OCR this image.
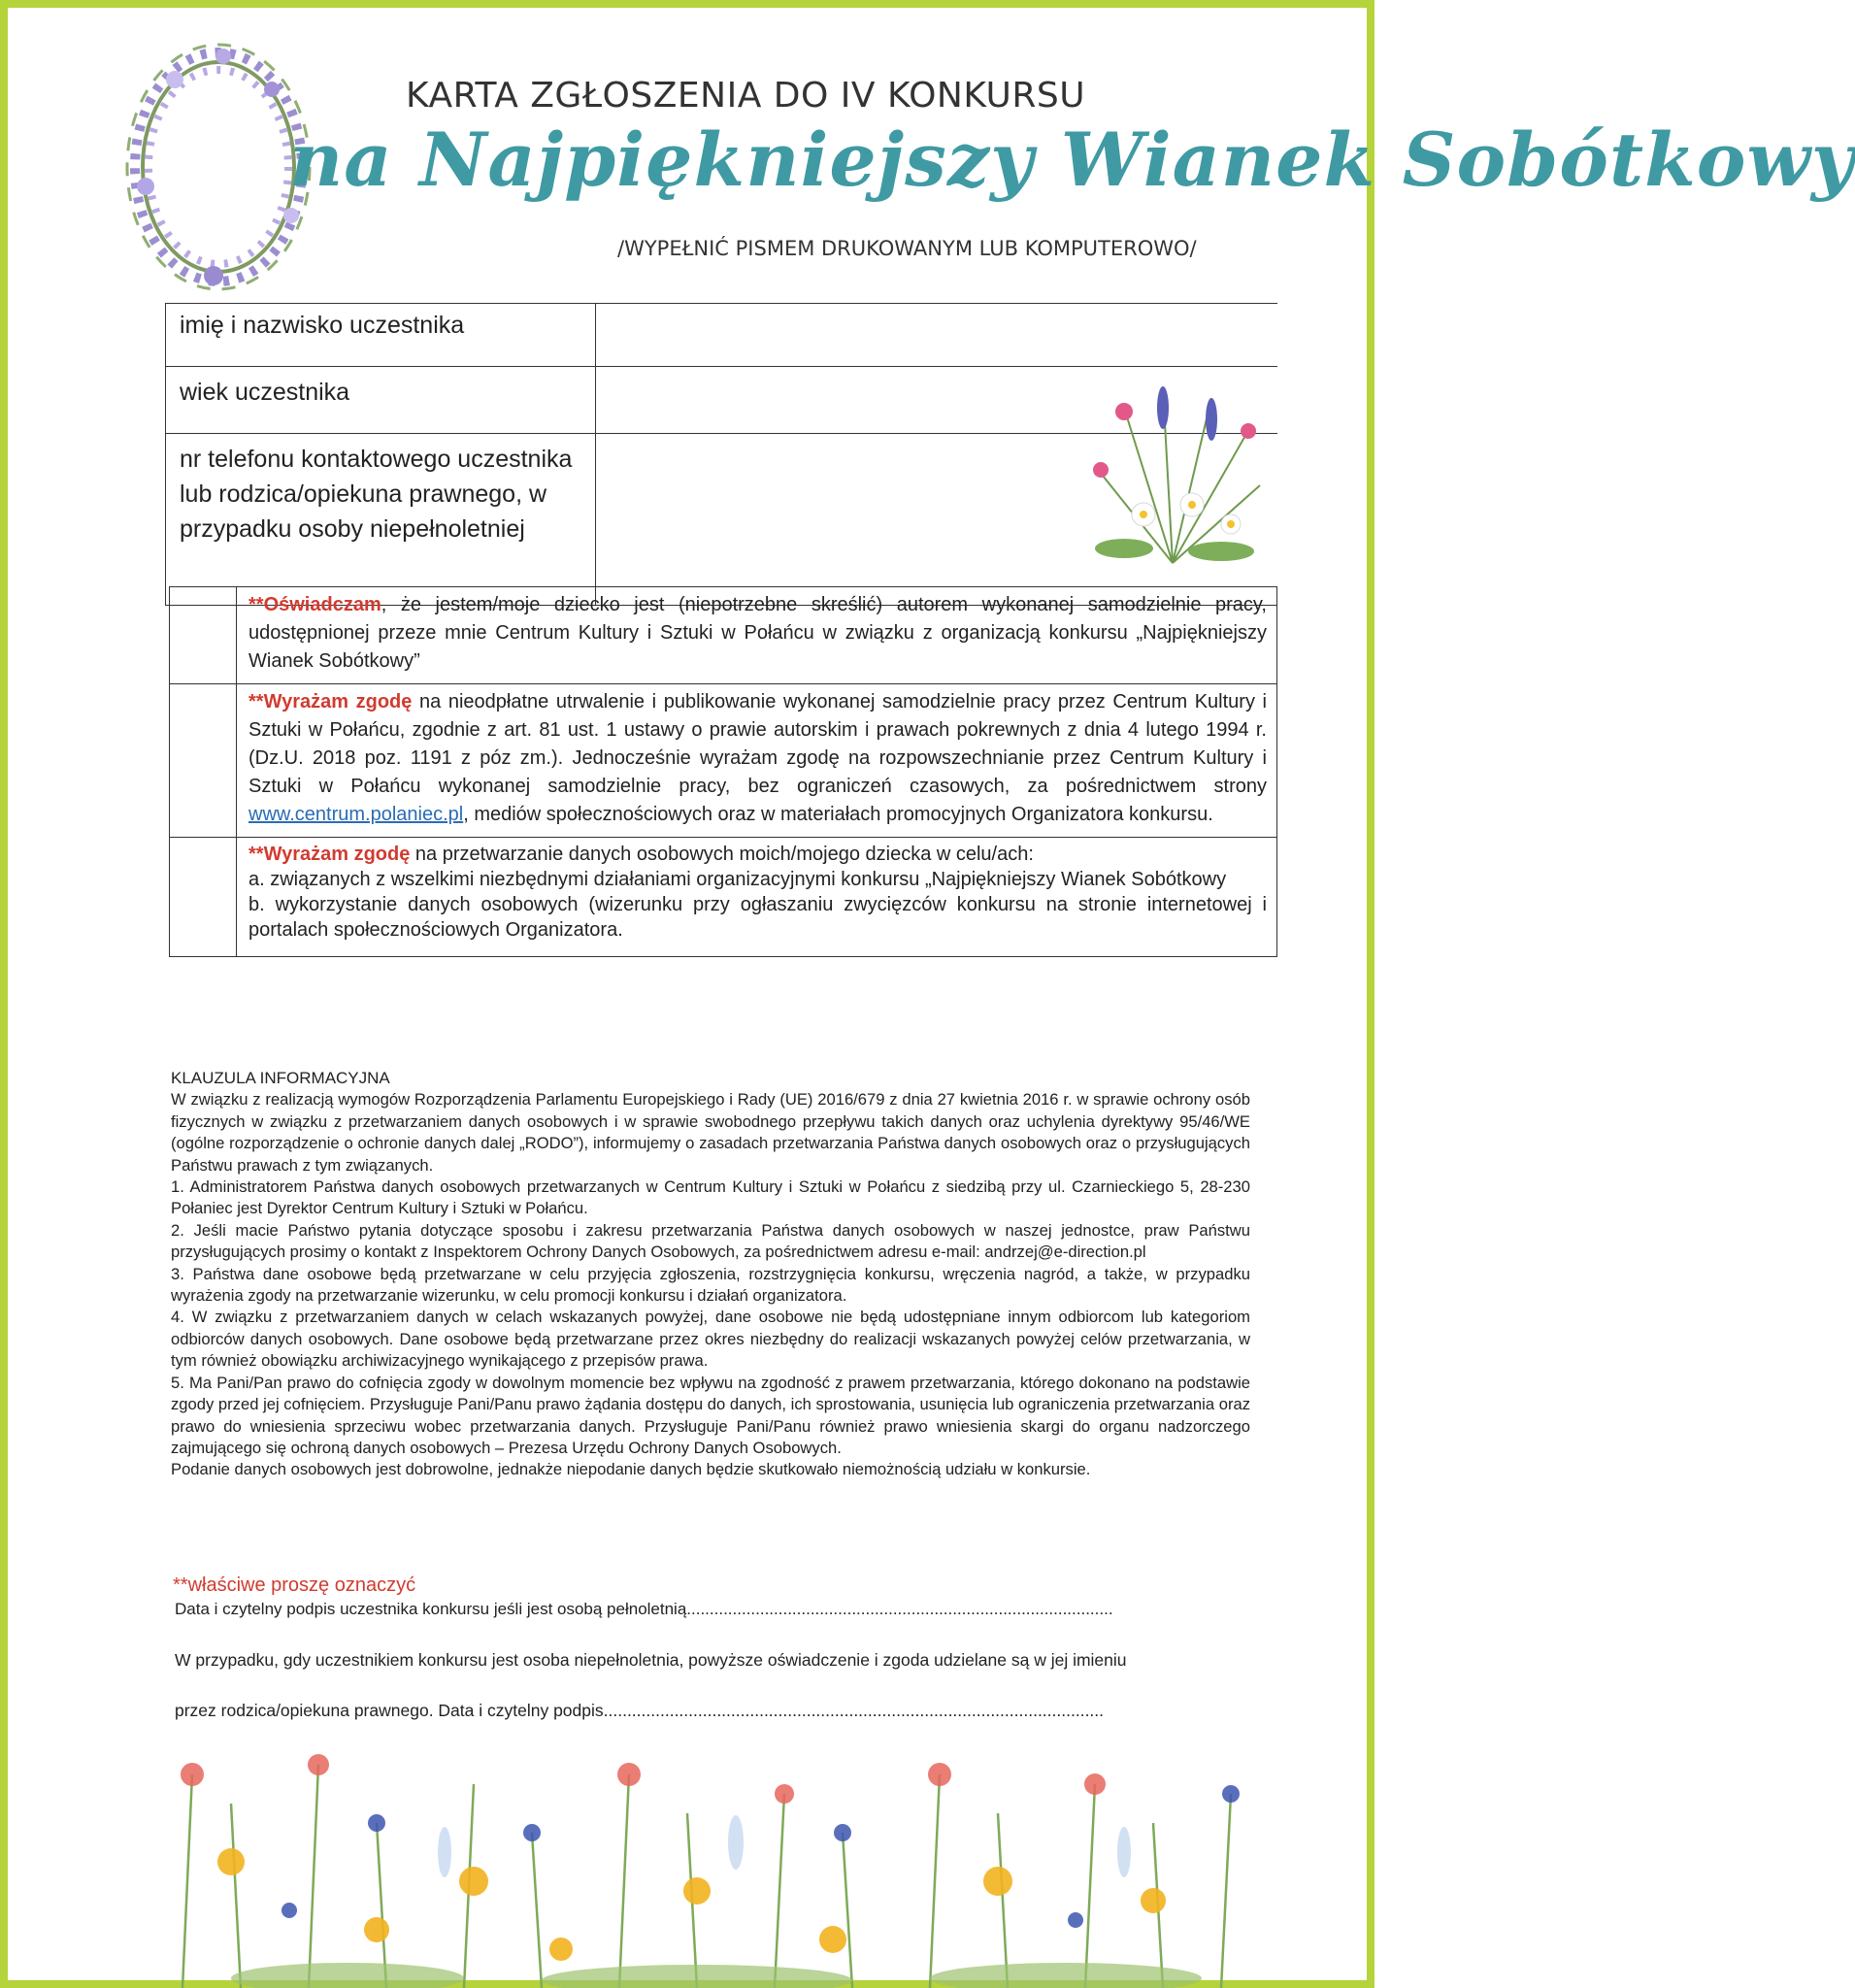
KARTA ZGŁOSZENIA DO IV KONKURSU
na Najpiękniejszy Wianek Sobótkowy
/WYPEŁNIĆ PISMEM DRUKOWANYM LUB KOMPUTEROWO/
imię i nazwisko uczestnika	
wiek uczestnika	
nr telefonu kontaktowego uczestnika lub rodzica/opiekuna prawnego, w przypadku osoby niepełnoletniej	
**Oświadczam, że jestem/moje dziecko jest (niepotrzebne skreślić) autorem wykonanej samodzielnie pracy, udostępnionej przeze mnie Centrum Kultury i Sztuki w Połańcu w związku z organizacją konkursu „Najpiękniejszy Wianek Sobótkowy”
**Wyrażam zgodę na nieodpłatne utrwalenie i publikowanie wykonanej samodzielnie pracy przez Centrum Kultury i Sztuki w Połańcu, zgodnie z art. 81 ust. 1 ustawy o prawie autorskim i prawach pokrewnych z dnia 4 lutego 1994 r. (Dz.U. 2018 poz. 1191 z póz zm.). Jednocześnie wyrażam zgodę na rozpowszechnianie przez Centrum Kultury i Sztuki w Połańcu wykonanej samodzielnie pracy, bez ograniczeń czasowych, za pośrednictwem strony www.centrum.polaniec.pl, mediów społecznościowych oraz w materiałach promocyjnych Organizatora konkursu.
**Wyrażam zgodę na przetwarzanie danych osobowych moich/mojego dziecka w celu/ach:
a. związanych z wszelkimi niezbędnymi działaniami organizacyjnymi konkursu „Najpiękniejszy Wianek Sobótkowy
b. wykorzystanie danych osobowych (wizerunku przy ogłaszaniu zwycięzców konkursu na stronie internetowej i portalach społecznościowych Organizatora.

KLAUZULA INFORMACYJNA

W związku z realizacją wymogów Rozporządzenia Parlamentu Europejskiego i Rady (UE) 2016/679 z dnia 27 kwietnia 2016 r. w sprawie ochrony osób fizycznych w związku z przetwarzaniem danych osobowych i w sprawie swobodnego przepływu takich danych oraz uchylenia dyrektywy 95/46/WE (ogólne rozporządzenie o ochronie danych dalej „RODO”), informujemy o zasadach przetwarzania Państwa danych osobowych oraz o przysługujących Państwu prawach z tym związanych.

1. Administratorem Państwa danych osobowych przetwarzanych w Centrum Kultury i Sztuki w Połańcu z siedzibą przy ul. Czarnieckiego 5, 28-230 Połaniec jest Dyrektor Centrum Kultury i Sztuki w Połańcu.

2. Jeśli macie Państwo pytania dotyczące sposobu i zakresu przetwarzania Państwa danych osobowych w naszej jednostce, praw Państwu przysługujących prosimy o kontakt z Inspektorem Ochrony Danych Osobowych, za pośrednictwem adresu e-mail: andrzej@e-direction.pl

3. Państwa dane osobowe będą przetwarzane w celu przyjęcia zgłoszenia, rozstrzygnięcia konkursu, wręczenia nagród, a także, w przypadku wyrażenia zgody na przetwarzanie wizerunku, w celu promocji konkursu i działań organizatora.

4. W związku z przetwarzaniem danych w celach wskazanych powyżej, dane osobowe nie będą udostępniane innym odbiorcom lub kategoriom odbiorców danych osobowych. Dane osobowe będą przetwarzane przez okres niezbędny do realizacji wskazanych powyżej celów przetwarzania, w tym również obowiązku archiwizacyjnego wynikającego z przepisów prawa.

5. Ma Pani/Pan prawo do cofnięcia zgody w dowolnym momencie bez wpływu na zgodność z prawem przetwarzania, którego dokonano na podstawie zgody przed jej cofnięciem. Przysługuje Pani/Panu prawo żądania dostępu do danych, ich sprostowania, usunięcia lub ograniczenia przetwarzania oraz prawo do wniesienia sprzeciwu wobec przetwarzania danych. Przysługuje Pani/Panu również prawo wniesienia skargi do organu nadzorczego zajmującego się ochroną danych osobowych – Prezesa Urzędu Ochrony Danych Osobowych.

Podanie danych osobowych jest dobrowolne, jednakże niepodanie danych będzie skutkowało niemożnością udziału w konkursie.

**właściwe proszę oznaczyć
Data i czytelny podpis uczestnika konkursu jeśli jest osobą pełnoletnią.............................................................................................
W przypadku, gdy uczestnikiem konkursu jest osoba niepełnoletnia, powyższe oświadczenie i zgoda udzielane są w jej imieniu
przez rodzica/opiekuna prawnego. Data i czytelny podpis..........................................................................................................
